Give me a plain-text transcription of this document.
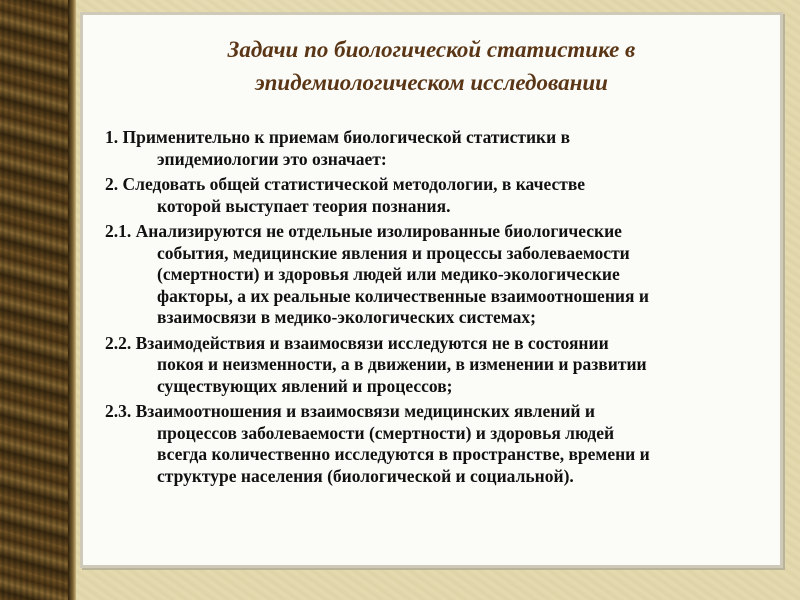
Задачи по биологической статистике в
эпидемиологическом исследовании
1. Применительно к приемам биологической статистики в
эпидемиологии это означает:
2. Следовать общей статистической методологии, в качестве
которой выступает теория познания.
2.1. Анализируются не отдельные изолированные биологические
события, медицинские явления и процессы заболеваемости
(смертности) и здоровья людей или медико-экологические
факторы, а их реальные количественные взаимоотношения и
взаимосвязи в медико-экологических системах;
2.2. Взаимодействия и взаимосвязи исследуются не в состоянии
покоя и неизменности, а в движении, в изменении и развитии
существующих явлений и процессов;
2.3. Взаимоотношения и взаимосвязи медицинских явлений и
процессов заболеваемости (смертности) и здоровья людей
всегда количественно исследуются в пространстве, времени и
структуре населения (биологической и социальной).
